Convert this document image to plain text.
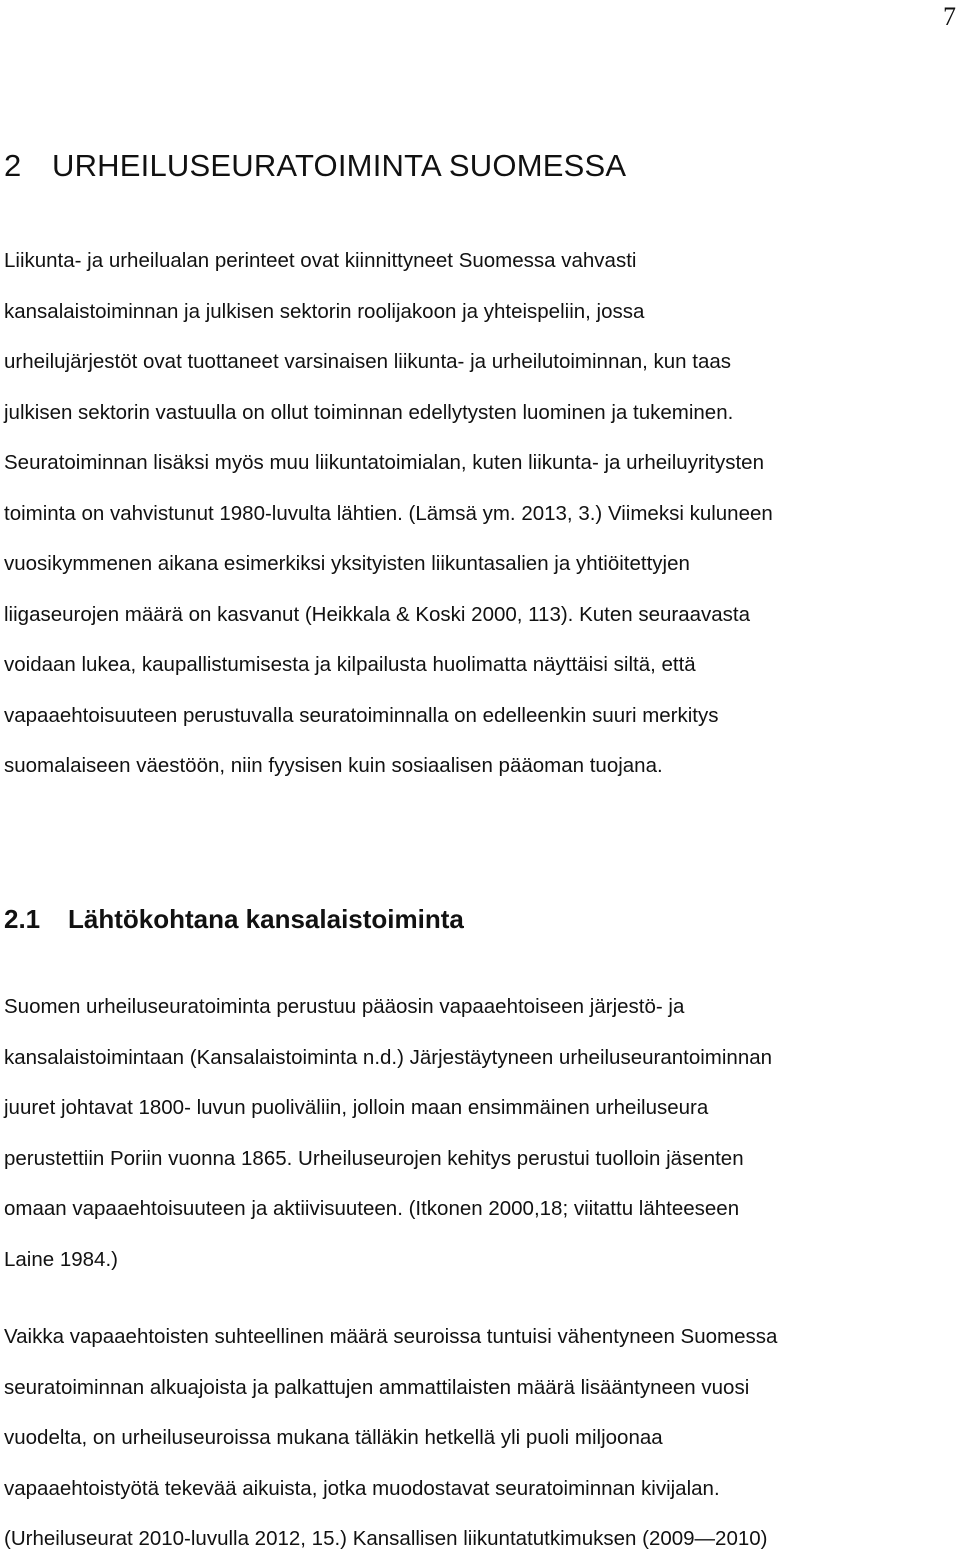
7
2 URHEILUSEURATOIMINTA SUOMESSA

Liikunta- ja urheilualan perinteet ovat kiinnittyneet Suomessa vahvasti
kansalaistoiminnan ja julkisen sektorin roolijakoon ja yhteispeliin, jossa
urheilujärjestöt ovat tuottaneet varsinaisen liikunta- ja urheilutoiminnan, kun taas
julkisen sektorin vastuulla on ollut toiminnan edellytysten luominen ja tukeminen.
Seuratoiminnan lisäksi myös muu liikuntatoimialan, kuten liikunta- ja urheiluyritysten
toiminta on vahvistunut 1980-luvulta lähtien. (Lämsä ym. 2013, 3.) Viimeksi kuluneen
vuosikymmenen aikana esimerkiksi yksityisten liikuntasalien ja yhtiöitettyjen
liigaseurojen määrä on kasvanut (Heikkala & Koski 2000, 113). Kuten seuraavasta
voidaan lukea, kaupallistumisesta ja kilpailusta huolimatta näyttäisi siltä, että
vapaaehtoisuuteen perustuvalla seuratoiminnalla on edelleenkin suuri merkitys
suomalaiseen väestöön, niin fyysisen kuin sosiaalisen pääoman tuojana.

2.1 Lähtökohtana kansalaistoiminta

Suomen urheiluseuratoiminta perustuu pääosin vapaaehtoiseen järjestö- ja
kansalaistoimintaan (Kansalaistoiminta n.d.) Järjestäytyneen urheiluseurantoiminnan
juuret johtavat 1800- luvun puoliväliin, jolloin maan ensimmäinen urheiluseura
perustettiin Poriin vuonna 1865. Urheiluseurojen kehitys perustui tuolloin jäsenten
omaan vapaaehtoisuuteen ja aktiivisuuteen. (Itkonen 2000,18; viitattu lähteeseen
Laine 1984.)

Vaikka vapaaehtoisten suhteellinen määrä seuroissa tuntuisi vähentyneen Suomessa
seuratoiminnan alkuajoista ja palkattujen ammattilaisten määrä lisääntyneen vuosi
vuodelta, on urheiluseuroissa mukana tälläkin hetkellä yli puoli miljoonaa
vapaaehtoistyötä tekevää aikuista, jotka muodostavat seuratoiminnan kivijalan.
(Urheiluseurat 2010-luvulla 2012, 15.) Kansallisen liikuntatutkimuksen (2009—2010)
